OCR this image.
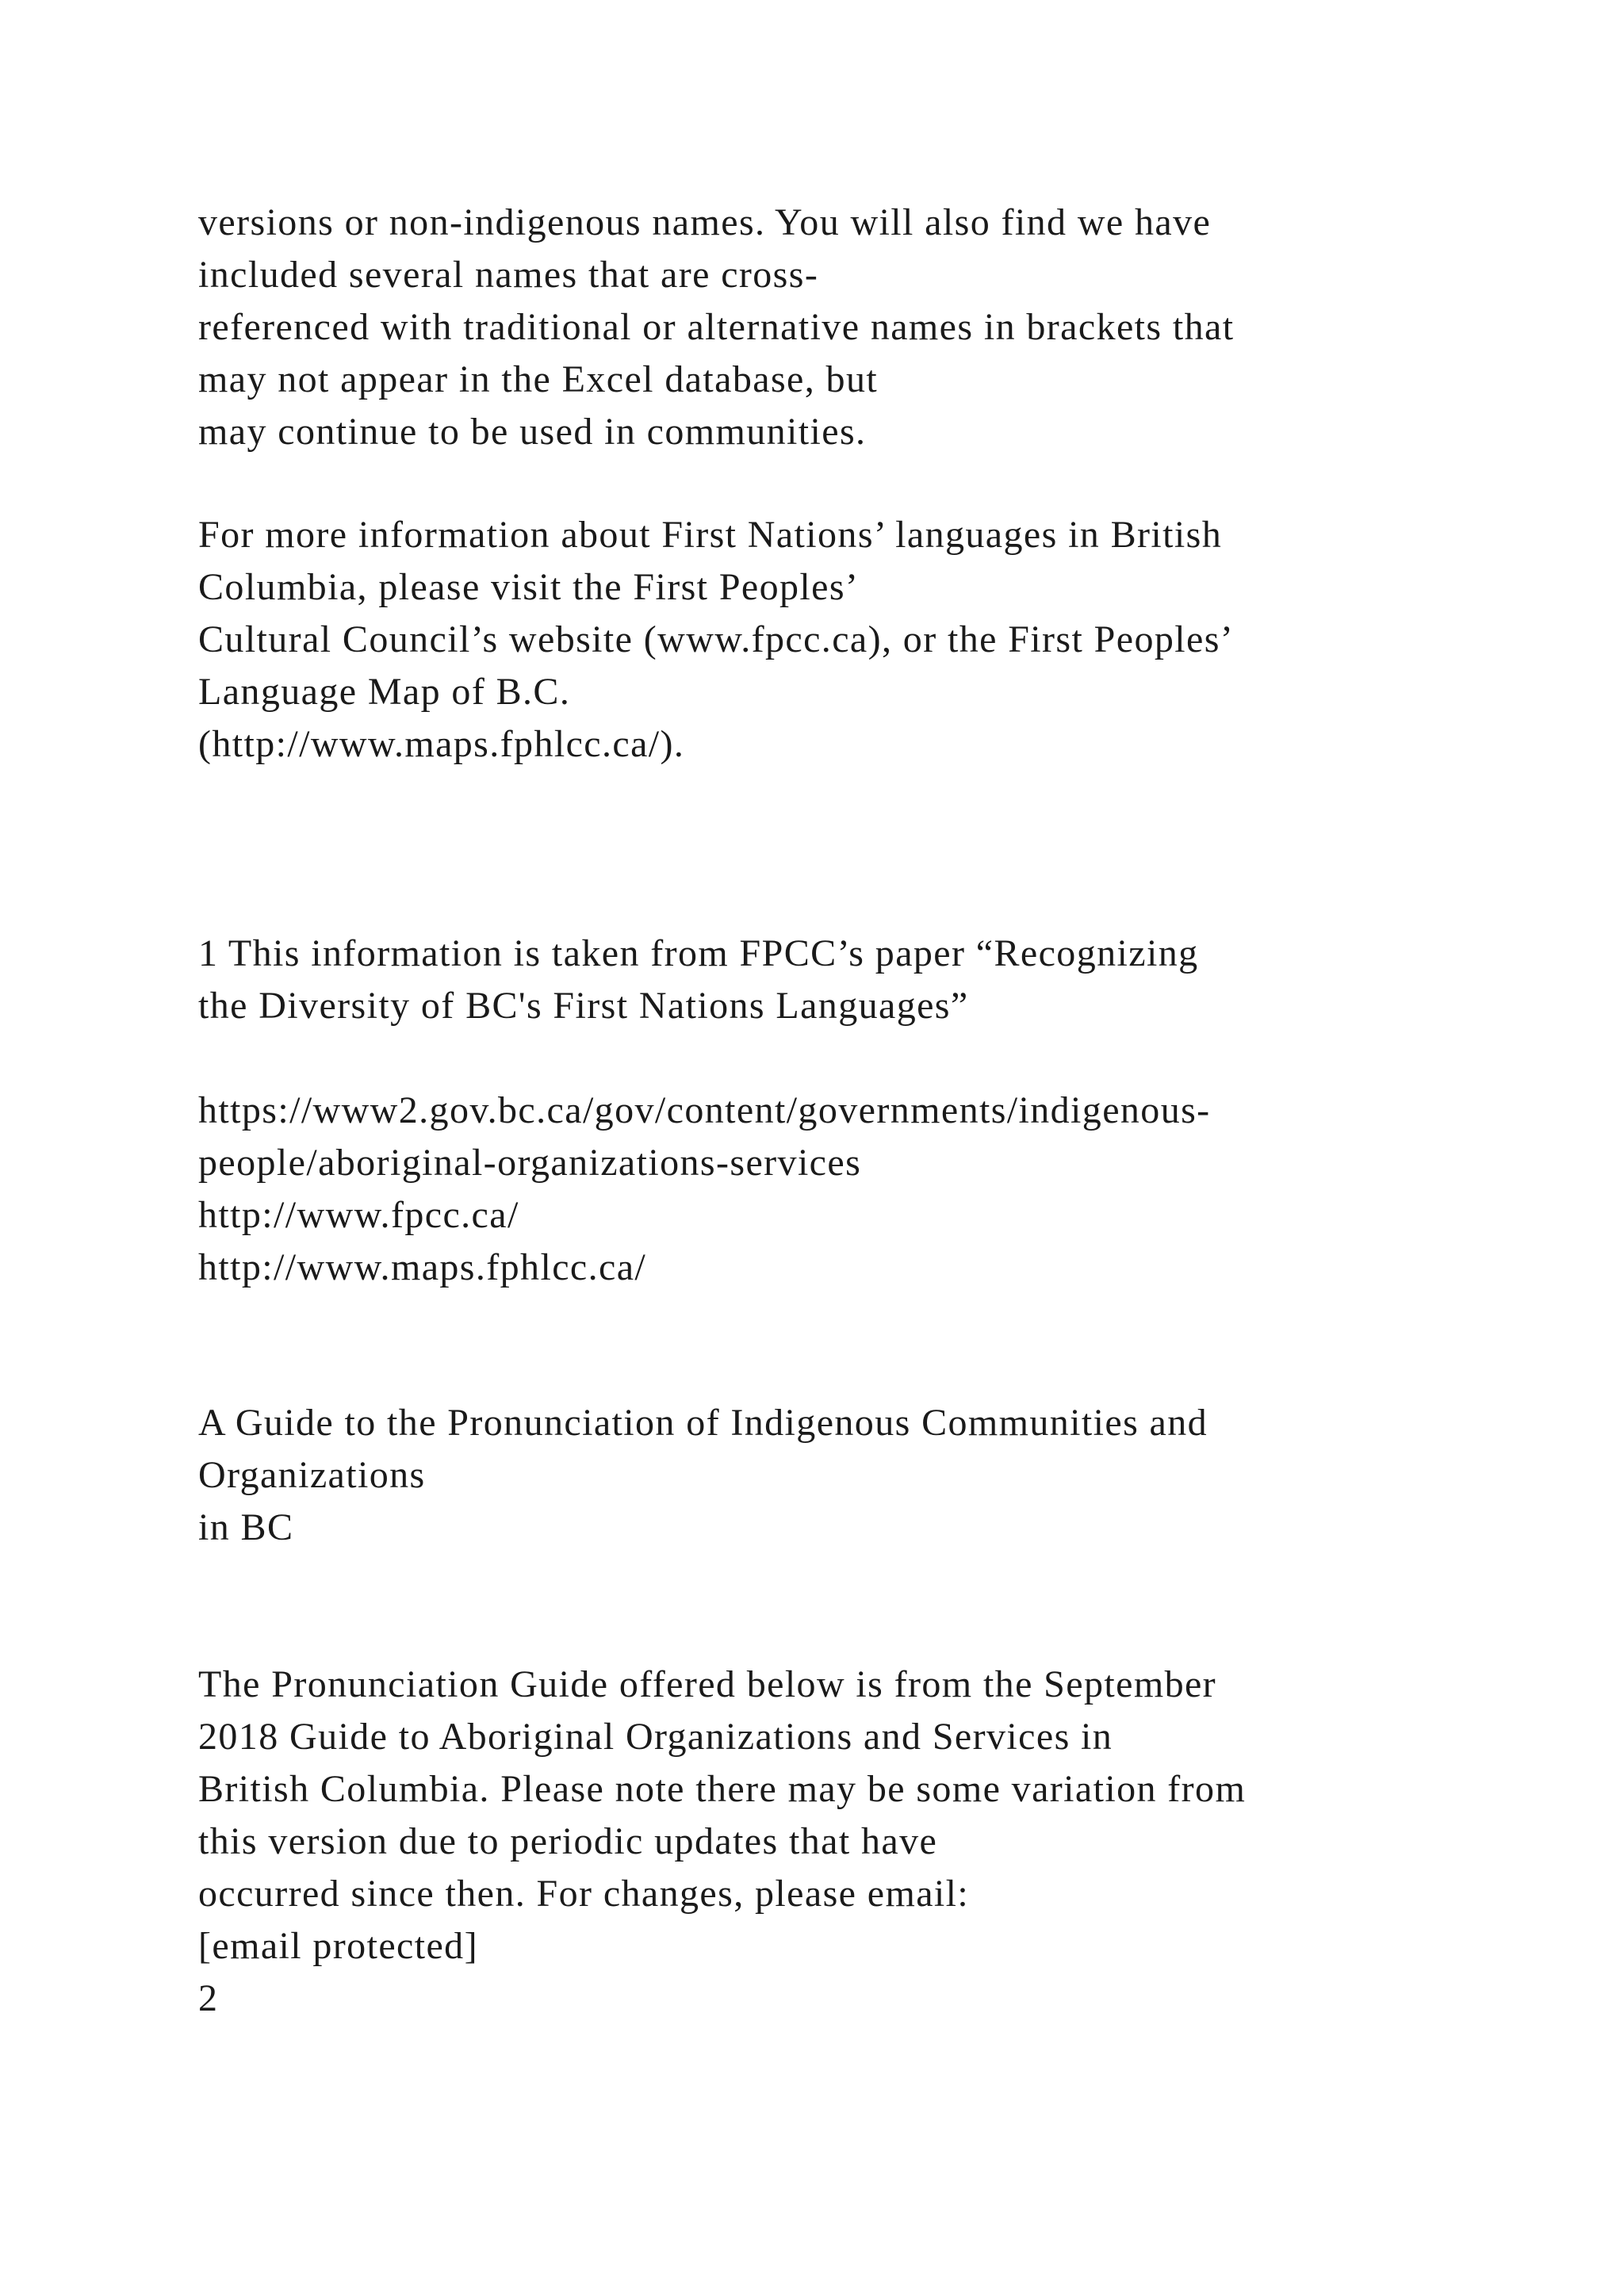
versions or non-indigenous names. You will also find we have
included several names that are cross-
referenced with traditional or alternative names in brackets that
may not appear in the Excel database, but
may continue to be used in communities.
For more information about First Nations’ languages in British
Columbia, please visit the First Peoples’
Cultural Council’s website (www.fpcc.ca), or the First Peoples’
Language Map of B.C.
(http://www.maps.fphlcc.ca/).
1 This information is taken from FPCC’s paper “Recognizing
the Diversity of BC's First Nations Languages”
https://www2.gov.bc.ca/gov/content/governments/indigenous-
people/aboriginal-organizations-services
http://www.fpcc.ca/
http://www.maps.fphlcc.ca/
A Guide to the Pronunciation of Indigenous Communities and
Organizations
in BC
The Pronunciation Guide offered below is from the September
2018 Guide to Aboriginal Organizations and Services in
British Columbia. Please note there may be some variation from
this version due to periodic updates that have
occurred since then. For changes, please email:
[email protected]
2
